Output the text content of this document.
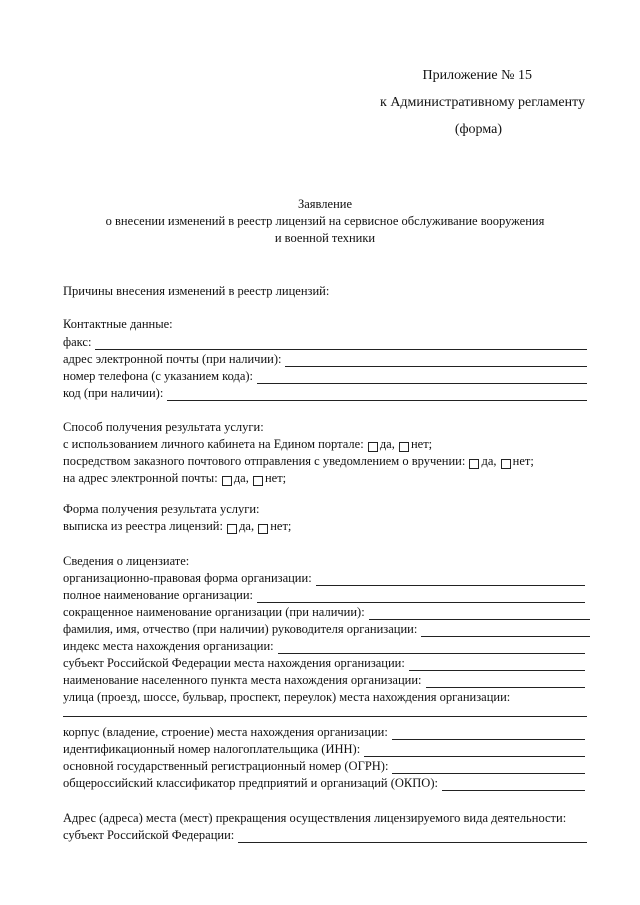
Приложение № 15
к Административному регламенту
(форма)
Заявление
о внесении изменений в реестр лицензий на сервисное обслуживание вооружения
и военной техники
Причины внесения изменений в реестр лицензий:
Контактные данные:
факс:
адрес электронной почты (при наличии):
номер телефона (с указанием кода):
код (при наличии):
Способ получения результата услуги:
с использованием личного кабинета на Едином портале:
да,
нет;
посредством заказного почтового отправления с уведомлением о вручении:
да,
нет;
на адрес электронной почты:
да,
нет;
Форма получения результата услуги:
выписка из реестра лицензий:
да,
нет;
Сведения о лицензиате:
организационно-правовая форма организации:
полное наименование организации:
сокращенное наименование организации (при наличии):
фамилия, имя, отчество (при наличии) руководителя организации:
индекс места нахождения организации:
субъект Российской Федерации места нахождения организации:
наименование населенного пункта места нахождения организации:
улица (проезд, шоссе, бульвар, проспект, переулок) места нахождения организации:
корпус (владение, строение) места нахождения организации:
идентификационный номер налогоплательщика (ИНН):
основной государственный регистрационный номер (ОГРН):
общероссийский классификатор предприятий и организаций (ОКПО):
Адрес (адреса) места (мест) прекращения осуществления лицензируемого вида деятельности:
субъект Российской Федерации:
